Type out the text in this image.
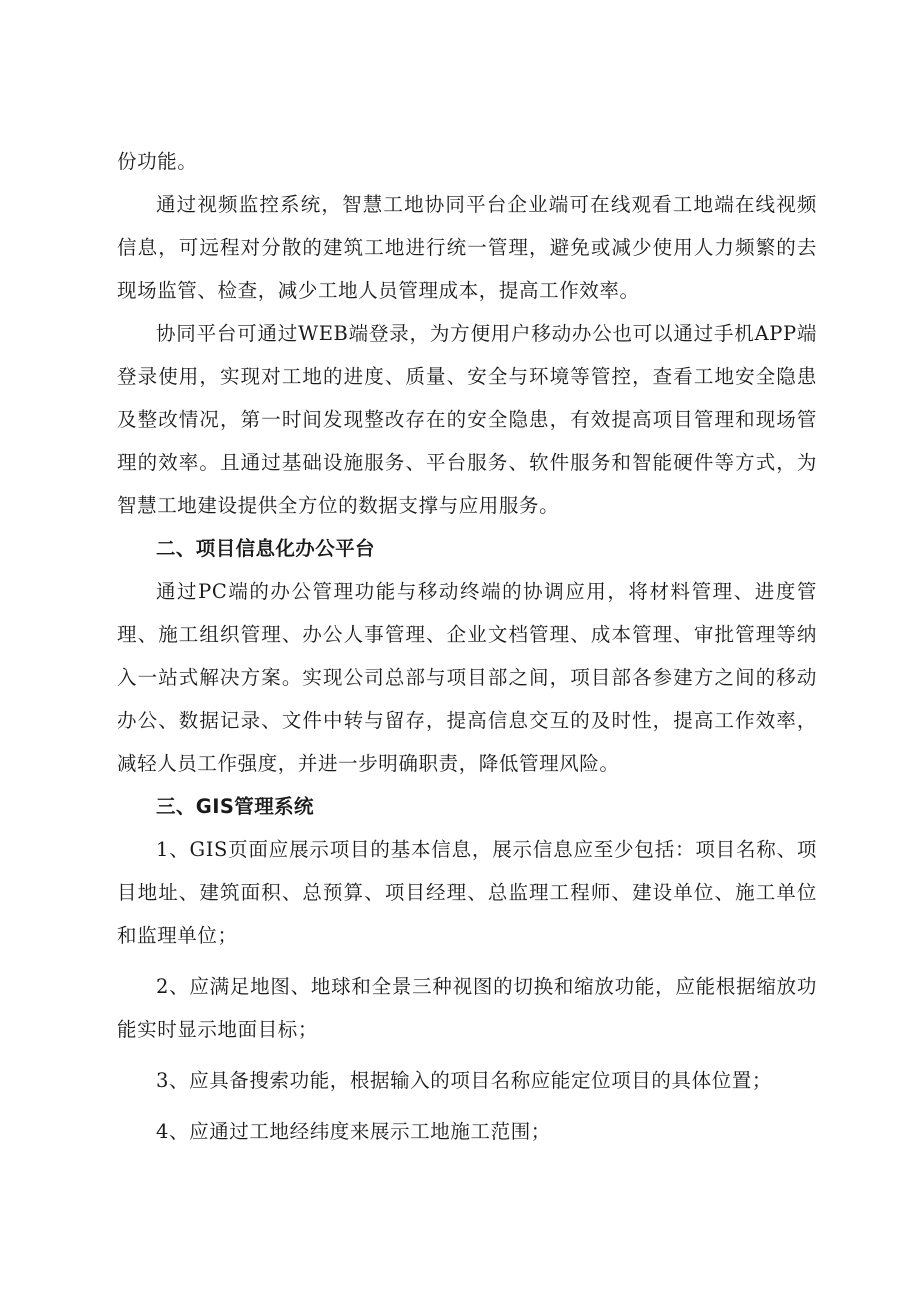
份功能。

通过视频监控系统，智慧工地协同平台企业端可在线观看工地端在线视频信息，可远程对分散的建筑工地进行统一管理，避免或减少使用人力频繁的去现场监管、检查，减少工地人员管理成本，提高工作效率。

协同平台可通过WEB端登录，为方便用户移动办公也可以通过手机APP端登录使用，实现对工地的进度、质量、安全与环境等管控，查看工地安全隐患及整改情况，第一时间发现整改存在的安全隐患，有效提高项目管理和现场管理的效率。且通过基础设施服务、平台服务、软件服务和智能硬件等方式，为智慧工地建设提供全方位的数据支撑与应用服务。

二、项目信息化办公平台

通过PC端的办公管理功能与移动终端的协调应用，将材料管理、进度管理、施工组织管理、办公人事管理、企业文档管理、成本管理、审批管理等纳入一站式解决方案。实现公司总部与项目部之间，项目部各参建方之间的移动办公、数据记录、文件中转与留存，提高信息交互的及时性，提高工作效率，减轻人员工作强度，并进一步明确职责，降低管理风险。

三、GIS管理系统

1、GIS页面应展示项目的基本信息，展示信息应至少包括：项目名称、项目地址、建筑面积、总预算、项目经理、总监理工程师、建设单位、施工单位和监理单位；

2、应满足地图、地球和全景三种视图的切换和缩放功能，应能根据缩放功能实时显示地面目标；

3、应具备搜索功能，根据输入的项目名称应能定位项目的具体位置；

4、应通过工地经纬度来展示工地施工范围；
